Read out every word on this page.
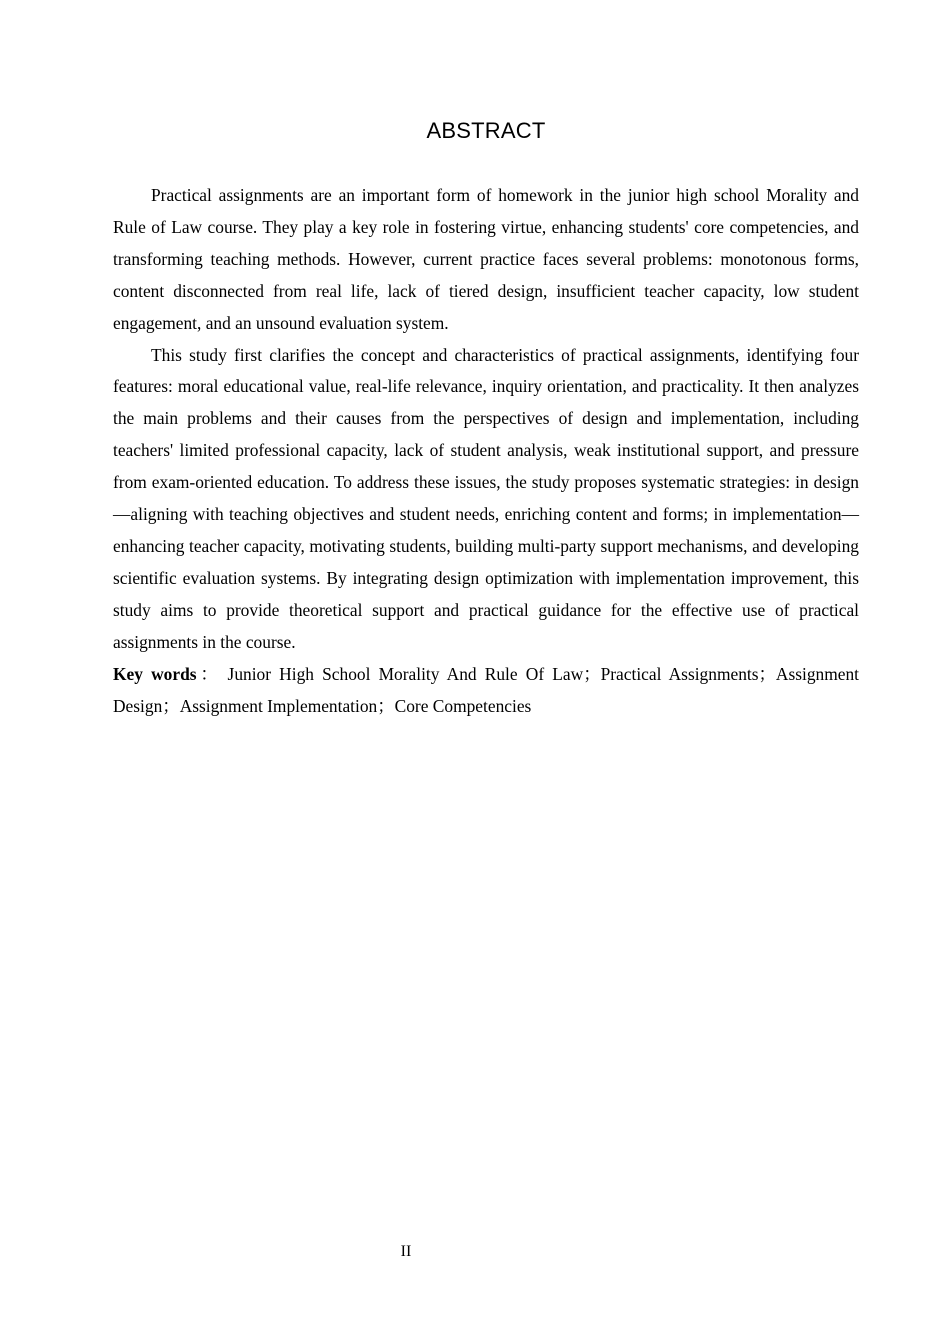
ABSTRACT

Practical assignments are an important form of homework in the junior high school Morality and Rule of Law course. They play a key role in fostering virtue, enhancing students' core competencies, and transforming teaching methods. However, current practice faces several problems: monotonous forms, content disconnected from real life, lack of tiered design, insufficient teacher capacity, low student engagement, and an unsound evaluation system.

This study first clarifies the concept and characteristics of practical assignments, identifying four features: moral educational value, real-life relevance, inquiry orientation, and practicality. It then analyzes the main problems and their causes from the perspectives of design and implementation, including teachers' limited professional capacity, lack of student analysis, weak institutional support, and pressure from exam-oriented education. To address these issues, the study proposes systematic strategies: in design—aligning with teaching objectives and student needs, enriching content and forms; in implementation—enhancing teacher capacity, motivating students, building multi-party support mechanisms, and developing scientific evaluation systems. By integrating design optimization with implementation improvement, this study aims to provide theoretical support and practical guidance for the effective use of practical assignments in the course.

Key words： Junior High School Morality And Rule Of Law；Practical Assignments；Assignment Design；Assignment Implementation；Core Competencies

II
